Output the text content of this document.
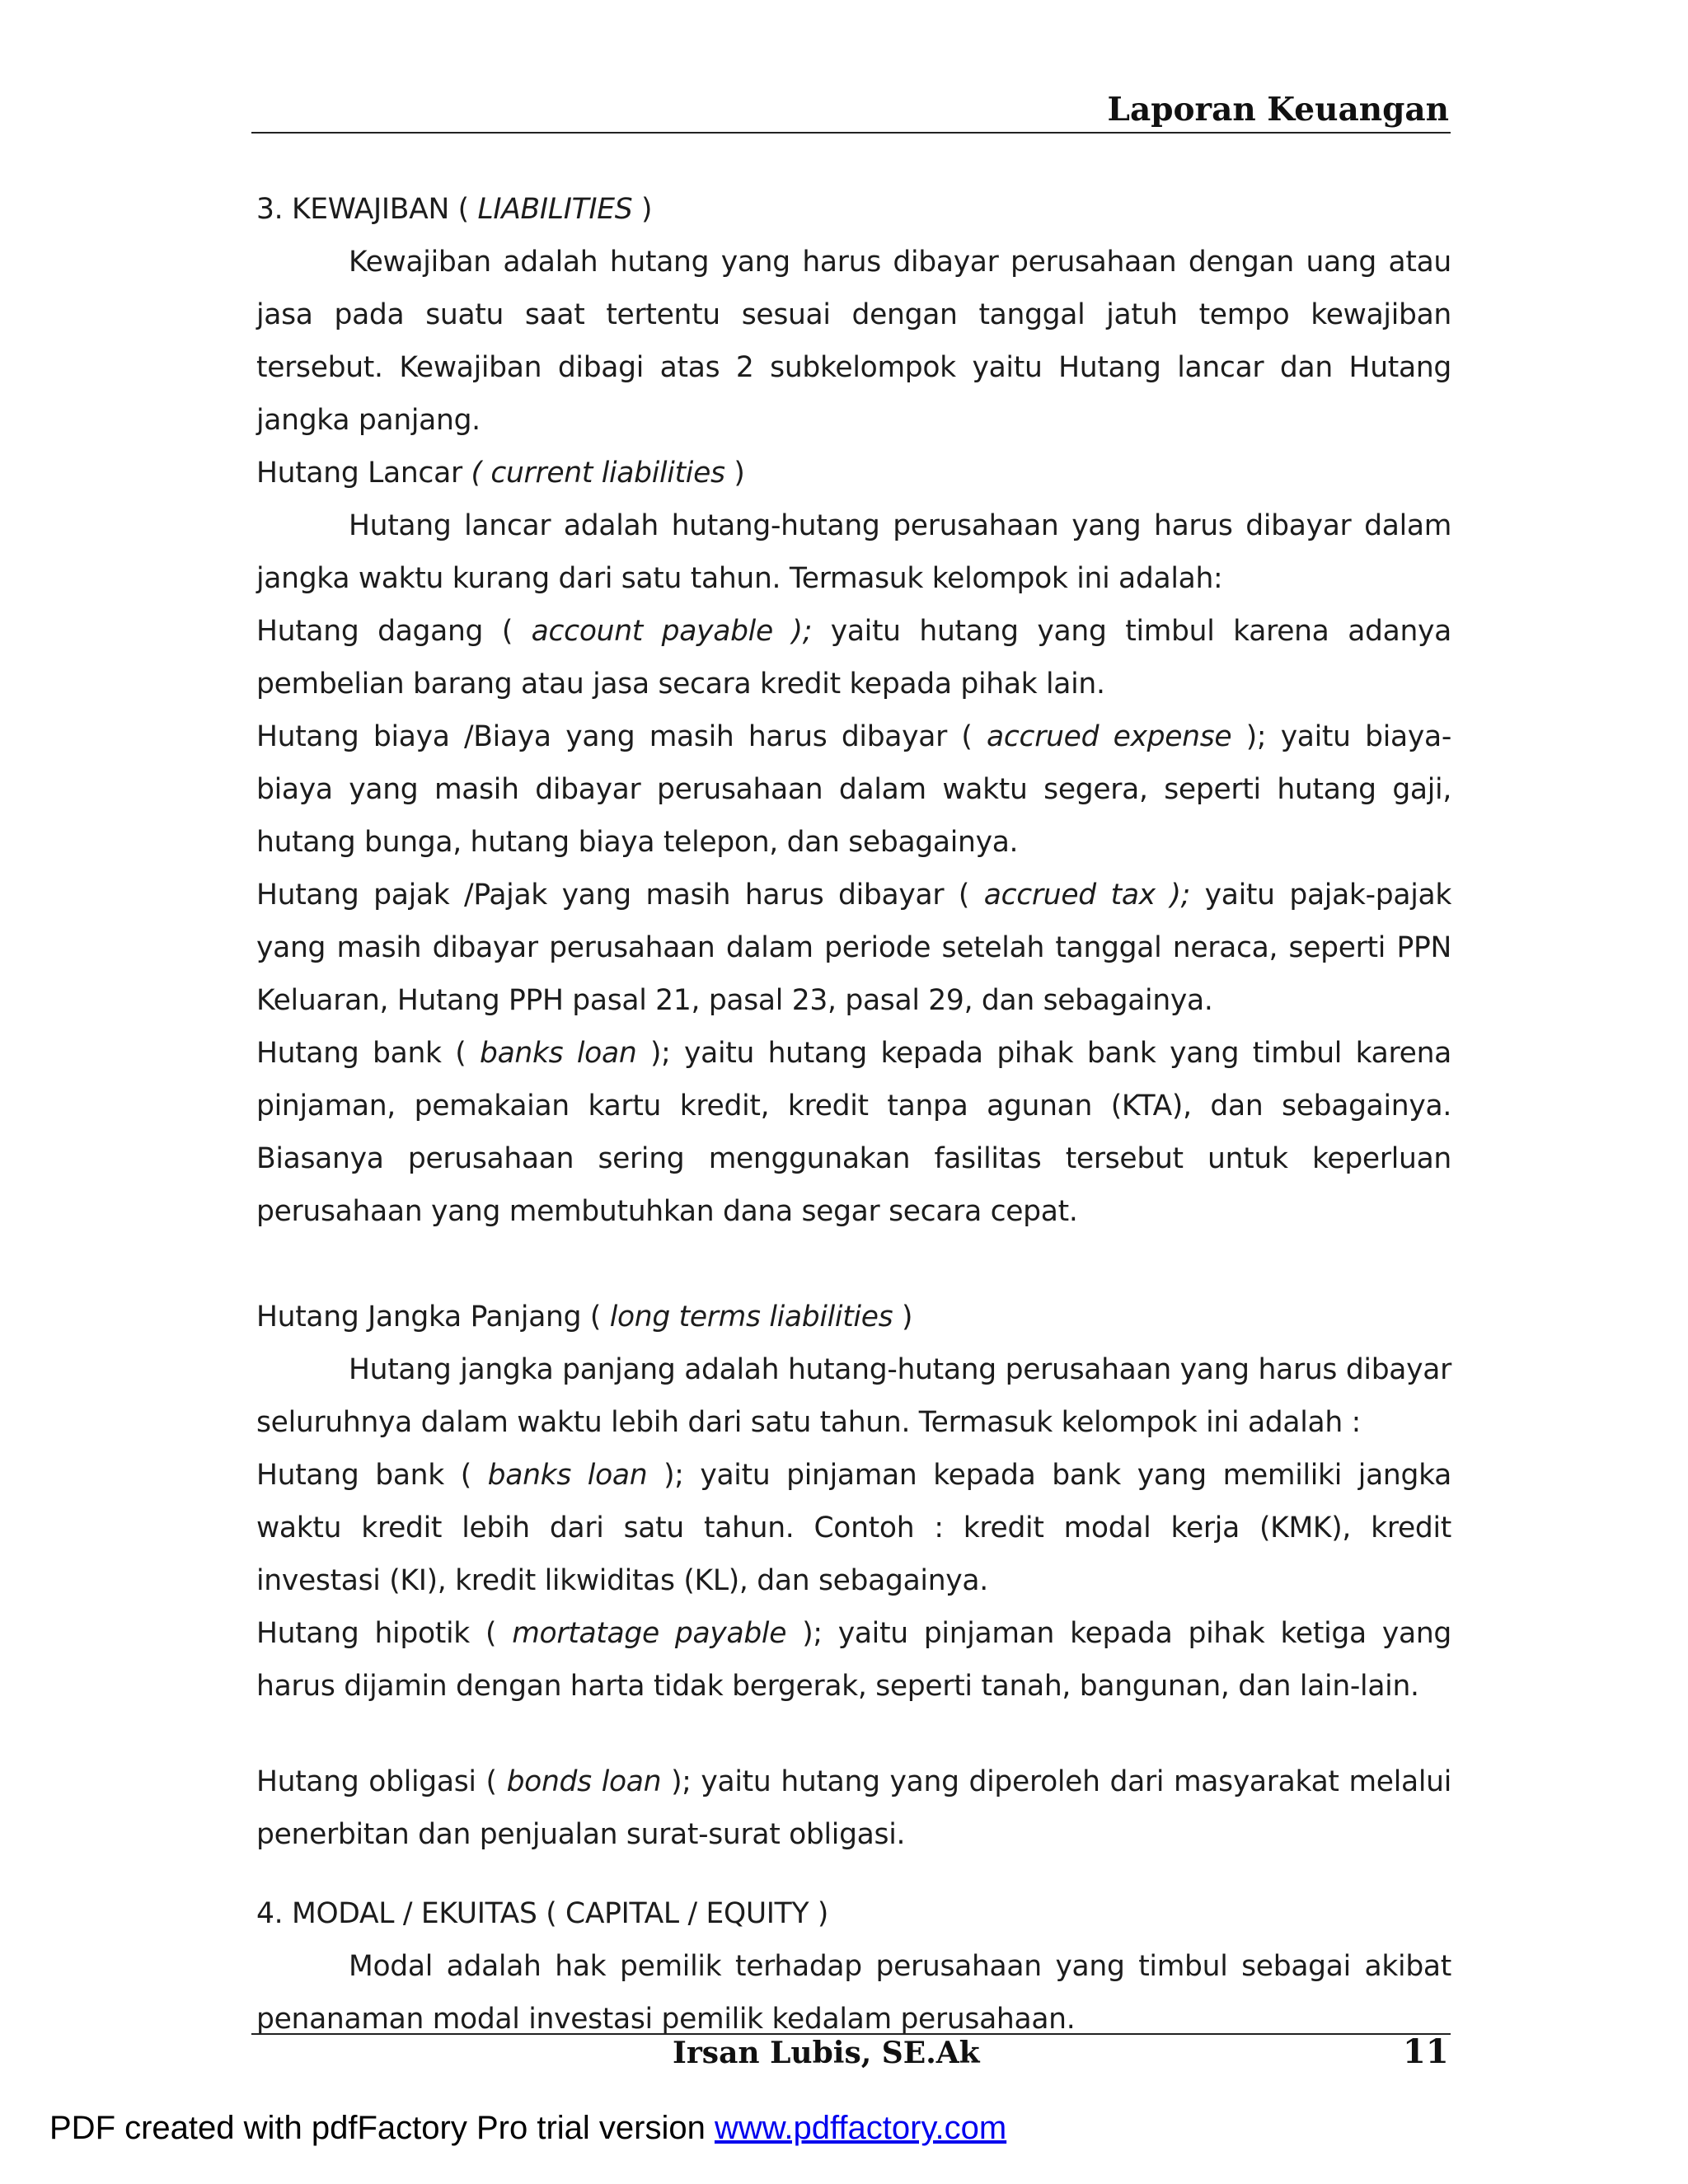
Laporan Keuangan

3. KEWAJIBAN ( LIABILITIES )

Kewajiban adalah hutang yang harus dibayar perusahaan dengan uang atau jasa pada suatu saat tertentu sesuai dengan tanggal jatuh tempo kewajiban tersebut. Kewajiban dibagi atas 2 subkelompok yaitu Hutang lancar dan Hutang jangka panjang.

Hutang Lancar ( current liabilities )

Hutang lancar adalah hutang-hutang perusahaan yang harus dibayar dalam jangka waktu kurang dari satu tahun. Termasuk kelompok ini adalah:

Hutang dagang ( account payable ); yaitu hutang yang timbul karena adanya pembelian barang atau jasa secara kredit kepada pihak lain.

Hutang biaya /Biaya yang masih harus dibayar ( accrued expense ); yaitu biaya-biaya yang masih dibayar perusahaan dalam waktu segera, seperti hutang gaji, hutang bunga, hutang biaya telepon, dan sebagainya.

Hutang pajak /Pajak yang masih harus dibayar ( accrued tax ); yaitu pajak-pajak yang masih dibayar perusahaan dalam periode setelah tanggal neraca, seperti PPN Keluaran, Hutang PPH pasal 21, pasal 23, pasal 29, dan sebagainya.

Hutang bank ( banks loan ); yaitu hutang kepada pihak bank yang timbul karena pinjaman, pemakaian kartu kredit, kredit tanpa agunan (KTA), dan sebagainya. Biasanya perusahaan sering menggunakan fasilitas tersebut untuk keperluan perusahaan yang membutuhkan dana segar secara cepat.

Hutang Jangka Panjang ( long terms liabilities )

Hutang jangka panjang adalah hutang-hutang perusahaan yang harus dibayar seluruhnya dalam waktu lebih dari satu tahun. Termasuk kelompok ini adalah :

Hutang bank ( banks loan ); yaitu pinjaman kepada bank yang memiliki jangka waktu kredit lebih dari satu tahun. Contoh : kredit modal kerja (KMK), kredit investasi (KI), kredit likwiditas (KL), dan sebagainya.

Hutang hipotik ( mortatage payable ); yaitu pinjaman kepada pihak ketiga yang harus dijamin dengan harta tidak bergerak, seperti tanah, bangunan, dan lain-lain.

Hutang obligasi ( bonds loan ); yaitu hutang yang diperoleh dari masyarakat melalui penerbitan dan penjualan surat-surat obligasi.

4. MODAL / EKUITAS ( CAPITAL / EQUITY )

Modal adalah hak pemilik terhadap perusahaan yang timbul sebagai akibat penanaman modal investasi pemilik kedalam perusahaan.

Irsan Lubis, SE.Ak	11
PDF created with pdfFactory Pro trial version www.pdffactory.com
